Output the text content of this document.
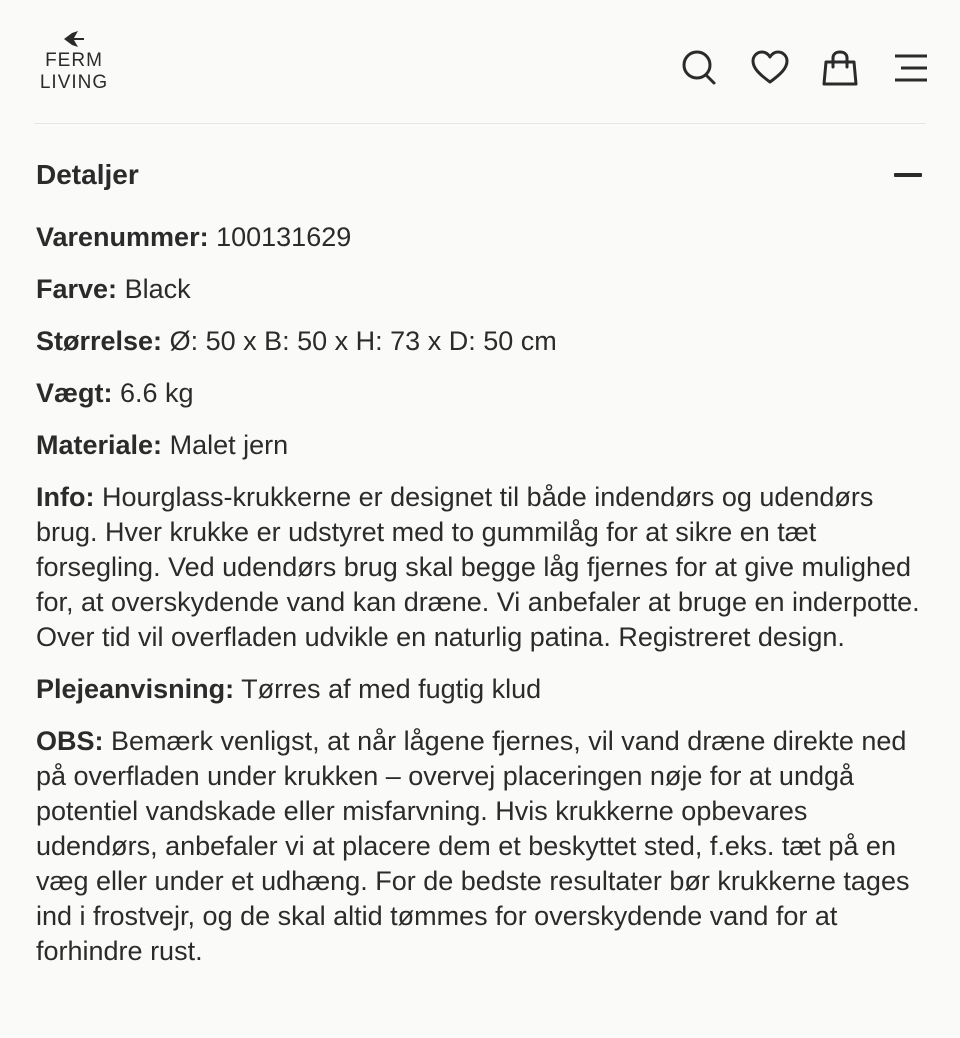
FERM
LIVING
Detaljer

Varenummer: 100131629

Farve: Black

Størrelse: Ø: 50 x B: 50 x H: 73 x D: 50 cm

Vægt: 6.6 kg

Materiale: Malet jern

Info: Hourglass-krukkerne er designet til både indendørs og udendørs brug. Hver krukke er udstyret med to gummilåg for at sikre en tæt forsegling. Ved udendørs brug skal begge låg fjernes for at give mulighed for, at overskydende vand kan dræne. Vi anbefaler at bruge en inderpotte. Over tid vil overfladen udvikle en naturlig patina. Registreret design.

Plejeanvisning: Tørres af med fugtig klud

OBS: Bemærk venligst, at når lågene fjernes, vil vand dræne direkte ned på overfladen under krukken – overvej placeringen nøje for at undgå potentiel vandskade eller misfarvning. Hvis krukkerne opbevares udendørs, anbefaler vi at placere dem et beskyttet sted, f.eks. tæt på en væg eller under et udhæng. For de bedste resultater bør krukkerne tages ind i frostvejr, og de skal altid tømmes for overskydende vand for at forhindre rust.
